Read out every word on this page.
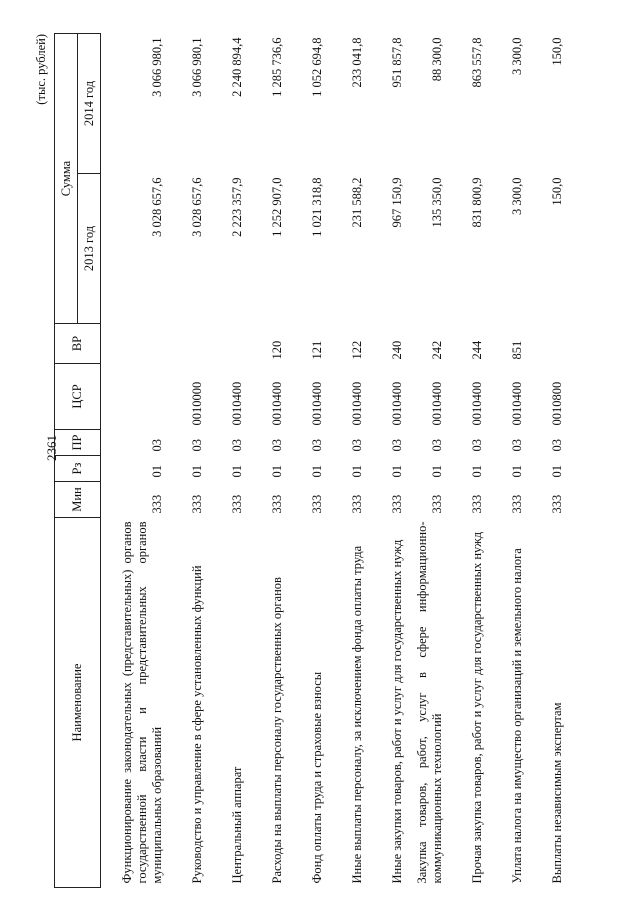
2361
(тыс. рублей)
Наименование	Мин	Рз	ПР	ЦСР	ВР	Сумма	
						2013 год	2014 год
Функционирование законодательных (представительных) органов государственной власти и представительных органов муниципальных образований	333	01	03			3 028 657,6	3 066 980,1
Руководство и управление в сфере установленных функций	333	01	03	0010000		3 028 657,6	3 066 980,1
Центральный аппарат	333	01	03	0010400		2 223 357,9	2 240 894,4
Расходы на выплаты персоналу государственных органов	333	01	03	0010400	120	1 252 907,0	1 285 736,6
Фонд оплаты труда и страховые взносы	333	01	03	0010400	121	1 021 318,8	1 052 694,8
Иные выплаты персоналу, за исключением фонда оплаты труда	333	01	03	0010400	122	231 588,2	233 041,8
Иные закупки товаров, работ и услуг для государственных нужд	333	01	03	0010400	240	967 150,9	951 857,8
Закупка товаров, работ, услуг в сфере информационно-коммуникационных технологий	333	01	03	0010400	242	135 350,0	88 300,0
Прочая закупка товаров, работ и услуг для государственных нужд	333	01	03	0010400	244	831 800,9	863 557,8
Уплата налога на имущество организаций и земельного налога	333	01	03	0010400	851	3 300,0	3 300,0
Выплаты независимым экспертам	333	01	03	0010800		150,0	150,0
